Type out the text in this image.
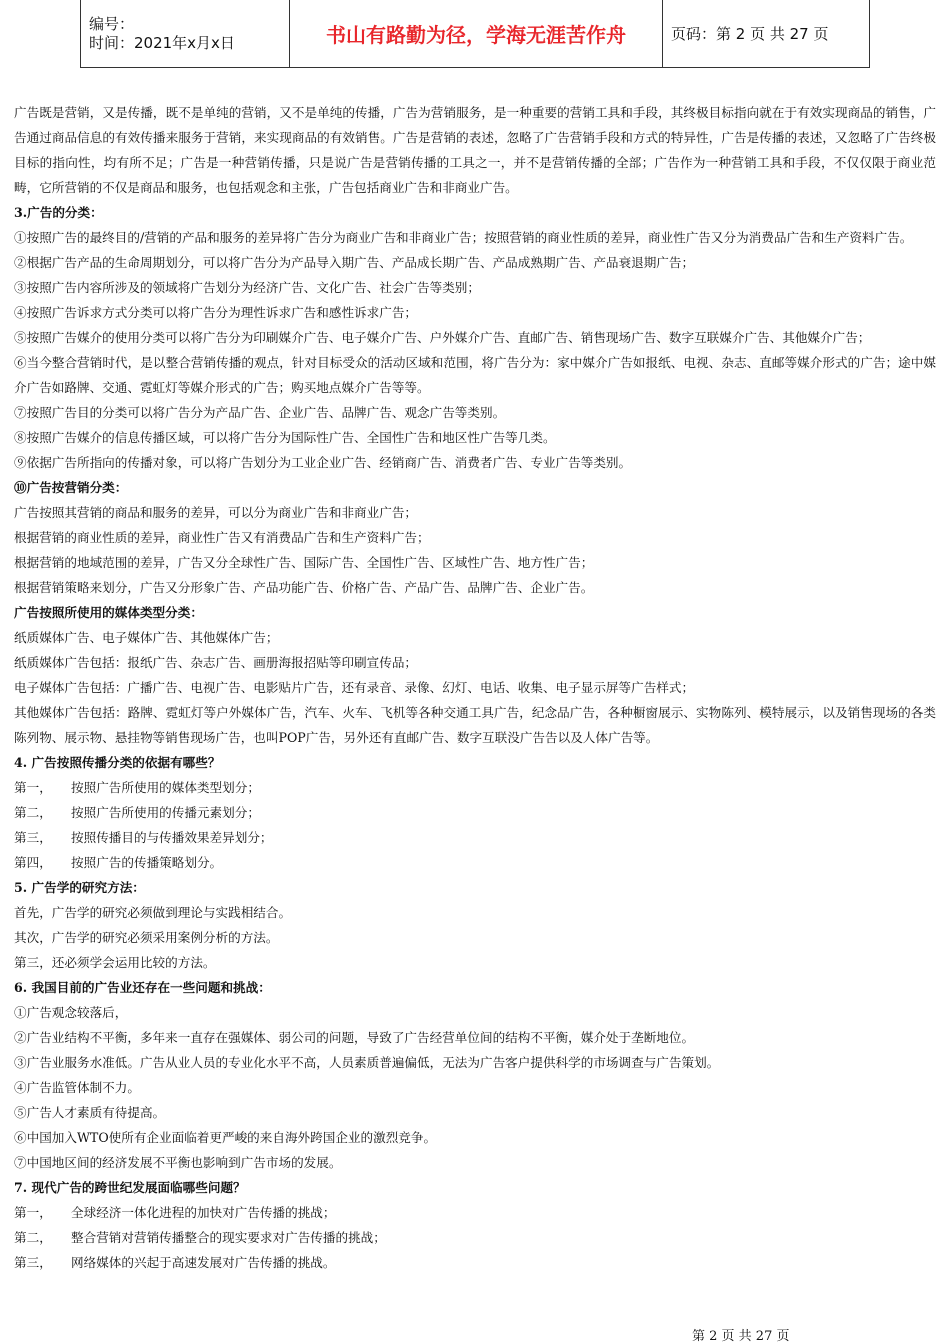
编号：
时间：2021年x月x日	书山有路勤为径，学海无涯苦作舟	页码：第 2 页 共 27 页

广告既是营销，又是传播，既不是单纯的营销，又不是单纯的传播，广告为营销服务，是一种重要的营销工具和手段，其终极目标指向就在于有效实现商品的销售，广告通过商品信息的有效传播来服务于营销，来实现商品的有效销售。广告是营销的表述，忽略了广告营销手段和方式的特异性，广告是传播的表述，又忽略了广告终极目标的指向性，均有所不足；广告是一种营销传播，只是说广告是营销传播的工具之一，并不是营销传播的全部；广告作为一种营销工具和手段，不仅仅限于商业范畴，它所营销的不仅是商品和服务，也包括观念和主张，广告包括商业广告和非商业广告。

3.广告的分类：

①按照广告的最终目的/营销的产品和服务的差异将广告分为商业广告和非商业广告；按照营销的商业性质的差异，商业性广告又分为消费品广告和生产资料广告。

②根据广告产品的生命周期划分，可以将广告分为产品导入期广告、产品成长期广告、产品成熟期广告、产品衰退期广告；

③按照广告内容所涉及的领域将广告划分为经济广告、文化广告、社会广告等类别；

④按照广告诉求方式分类可以将广告分为理性诉求广告和感性诉求广告；

⑤按照广告媒介的使用分类可以将广告分为印刷媒介广告、电子媒介广告、户外媒介广告、直邮广告、销售现场广告、数字互联媒介广告、其他媒介广告；

⑥当今整合营销时代，是以整合营销传播的观点，针对目标受众的活动区域和范围，将广告分为：家中媒介广告如报纸、电视、杂志、直邮等媒介形式的广告；途中媒介广告如路牌、交通、霓虹灯等媒介形式的广告；购买地点媒介广告等等。

⑦按照广告目的分类可以将广告分为产品广告、企业广告、品牌广告、观念广告等类别。

⑧按照广告媒介的信息传播区域，可以将广告分为国际性广告、全国性广告和地区性广告等几类。

⑨依据广告所指向的传播对象，可以将广告划分为工业企业广告、经销商广告、消费者广告、专业广告等类别。

⑩广告按营销分类：

广告按照其营销的商品和服务的差异，可以分为商业广告和非商业广告；

根据营销的商业性质的差异，商业性广告又有消费品广告和生产资料广告；

根据营销的地域范围的差异，广告又分全球性广告、国际广告、全国性广告、区域性广告、地方性广告；

根据营销策略来划分，广告又分形象广告、产品功能广告、价格广告、产品广告、品牌广告、企业广告。

广告按照所使用的媒体类型分类：

纸质媒体广告、电子媒体广告、其他媒体广告；

纸质媒体广告包括：报纸广告、杂志广告、画册海报招贴等印刷宣传品；

电子媒体广告包括：广播广告、电视广告、电影贴片广告，还有录音、录像、幻灯、电话、收集、电子显示屏等广告样式；

其他媒体广告包括：路牌、霓虹灯等户外媒体广告，汽车、火车、飞机等各种交通工具广告，纪念品广告，各种橱窗展示、实物陈列、模特展示，以及销售现场的各类陈列物、展示物、悬挂物等销售现场广告，也叫POP广告，另外还有直邮广告、数字互联没广告告以及人体广告等。

4. 广告按照传播分类的依据有哪些？

第一， 按照广告所使用的媒体类型划分；

第二， 按照广告所使用的传播元素划分；

第三， 按照传播目的与传播效果差异划分；

第四， 按照广告的传播策略划分。

5. 广告学的研究方法：

首先，广告学的研究必须做到理论与实践相结合。

其次，广告学的研究必须采用案例分析的方法。

第三，还必须学会运用比较的方法。

6. 我国目前的广告业还存在一些问题和挑战：

①广告观念较落后，

②广告业结构不平衡，多年来一直存在强媒体、弱公司的问题，导致了广告经营单位间的结构不平衡，媒介处于垄断地位。

③广告业服务水准低。广告从业人员的专业化水平不高，人员素质普遍偏低，无法为广告客户提供科学的市场调查与广告策划。

④广告监管体制不力。

⑤广告人才素质有待提高。

⑥中国加入WTO使所有企业面临着更严峻的来自海外跨国企业的激烈竞争。

⑦中国地区间的经济发展不平衡也影响到广告市场的发展。

7. 现代广告的跨世纪发展面临哪些问题？

第一， 全球经济一体化进程的加快对广告传播的挑战；

第二， 整合营销对营销传播整合的现实要求对广告传播的挑战；

第三， 网络媒体的兴起于高速发展对广告传播的挑战。

第 2 页 共 27 页
